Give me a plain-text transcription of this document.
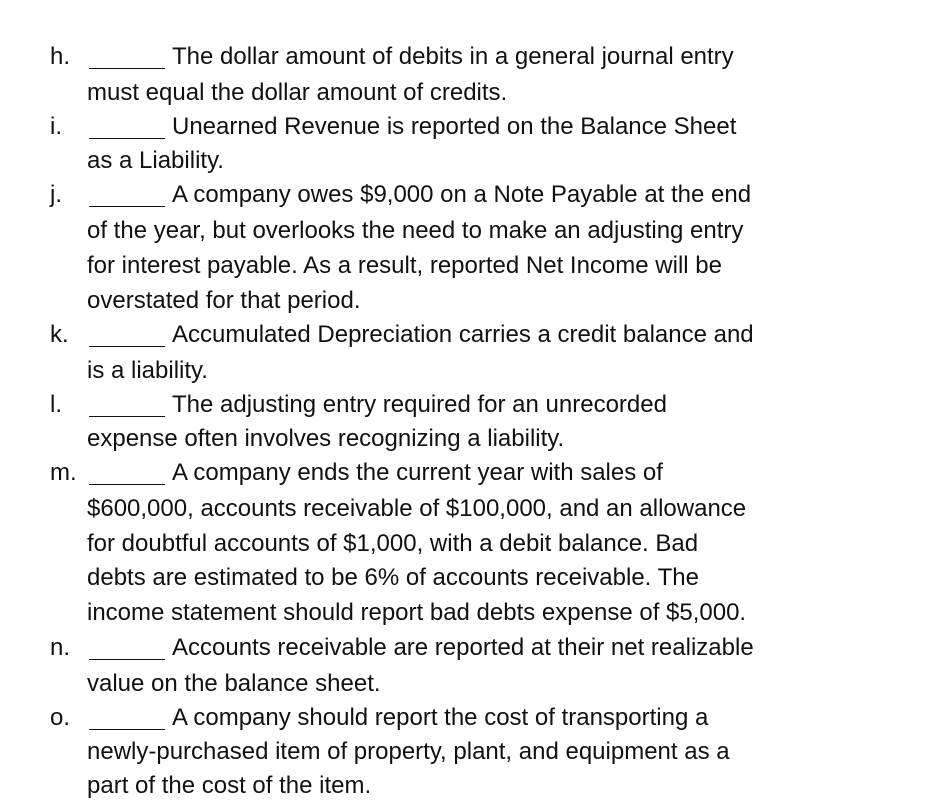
h.	The dollar amount of debits in a general journal entry
must equal the dollar amount of credits.
i.	Unearned Revenue is reported on the Balance Sheet
as a Liability.
j.	A company owes $9,000 on a Note Payable at the end
of the year, but overlooks the need to make an adjusting entry
for interest payable. As a result, reported Net Income will be
overstated for that period.
k.	Accumulated Depreciation carries a credit balance and
is a liability.
l.	The adjusting entry required for an unrecorded
expense often involves recognizing a liability.
m.	A company ends the current year with sales of
$600,000, accounts receivable of $100,000, and an allowance
for doubtful accounts of $1,000, with a debit balance. Bad
debts are estimated to be 6% of accounts receivable. The
income statement should report bad debts expense of $5,000.
n.	Accounts receivable are reported at their net realizable
value on the balance sheet.
o.	A company should report the cost of transporting a
newly-purchased item of property, plant, and equipment as a
part of the cost of the item.
